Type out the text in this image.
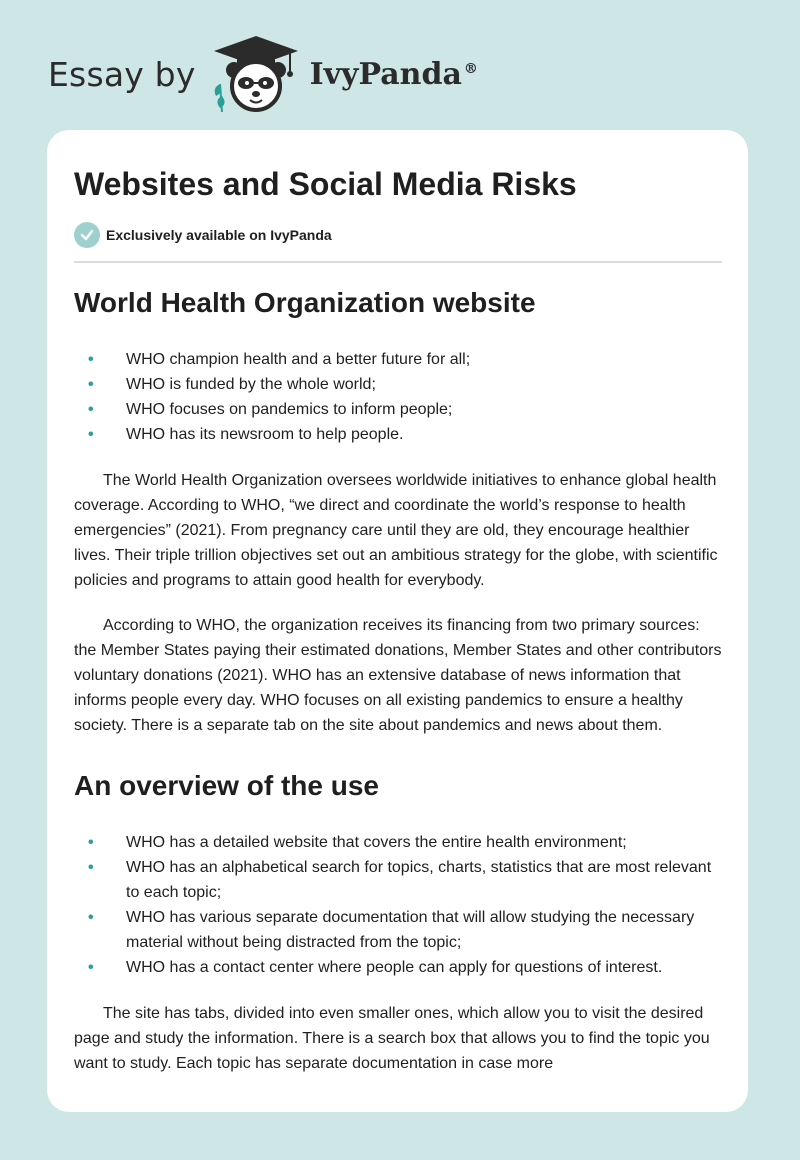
Essay by	IvyPanda ®
Websites and Social Media Risks
Exclusively available on IvyPanda
World Health Organization website
• WHO champion health and a better future for all;
• WHO is funded by the whole world;
• WHO focuses on pandemics to inform people;
• WHO has its newsroom to help people.

The World Health Organization oversees worldwide initiatives to enhance global health coverage. According to WHO, “we direct and coordinate the world’s response to health emergencies” (2021). From pregnancy care until they are old, they encourage healthier lives. Their triple trillion objectives set out an ambitious strategy for the globe, with scientific policies and programs to attain good health for everybody.

According to WHO, the organization receives its financing from two primary sources: the Member States paying their estimated donations, Member States and other contributors voluntary donations (2021). WHO has an extensive database of news information that informs people every day. WHO focuses on all existing pandemics to ensure a healthy society. There is a separate tab on the site about pandemics and news about them.

An overview of the use
• WHO has a detailed website that covers the entire health environment;
• WHO has an alphabetical search for topics, charts, statistics that are most relevant to each topic;
• WHO has various separate documentation that will allow studying the necessary material without being distracted from the topic;
• WHO has a contact center where people can apply for questions of interest.

The site has tabs, divided into even smaller ones, which allow you to visit the desired page and study the information. There is a search box that allows you to find the topic you want to study. Each topic has separate documentation in case more
